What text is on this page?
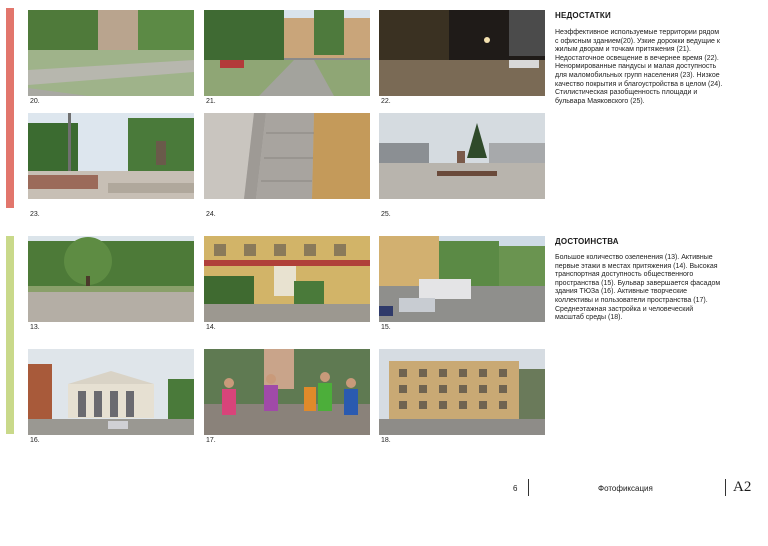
20.	21.	22.
23.	24.	25.
13.	14.	15.
16.	17.	18.
НЕДОСТАТКИ
Неэффективное используемые территории рядом с офисным зданием(20). Узкие дорожки ведущие к жилым дворам и точкам притяжения (21). Недостаточное освещение в вечернее время (22). Ненормированные пандусы и малая доступность для маломобильных групп населения (23). Низкое качество покрытия и благоустройства в целом (24). Стилистическая разобщенность площади и бульвара Маяковского (25).
ДОСТОИНСТВА
Большое количество озеленения (13). Активные первые этажи в местах притяжения (14). Высокая транспортная доступность общественного пространства (15). Бульвар завершается фасадом здания ТЮЗа (16). Активные творческие коллективы и пользователи пространства (17). Среднеэтажная застройка и человеческий масштаб среды (18).
6	Фотофиксация	A2
